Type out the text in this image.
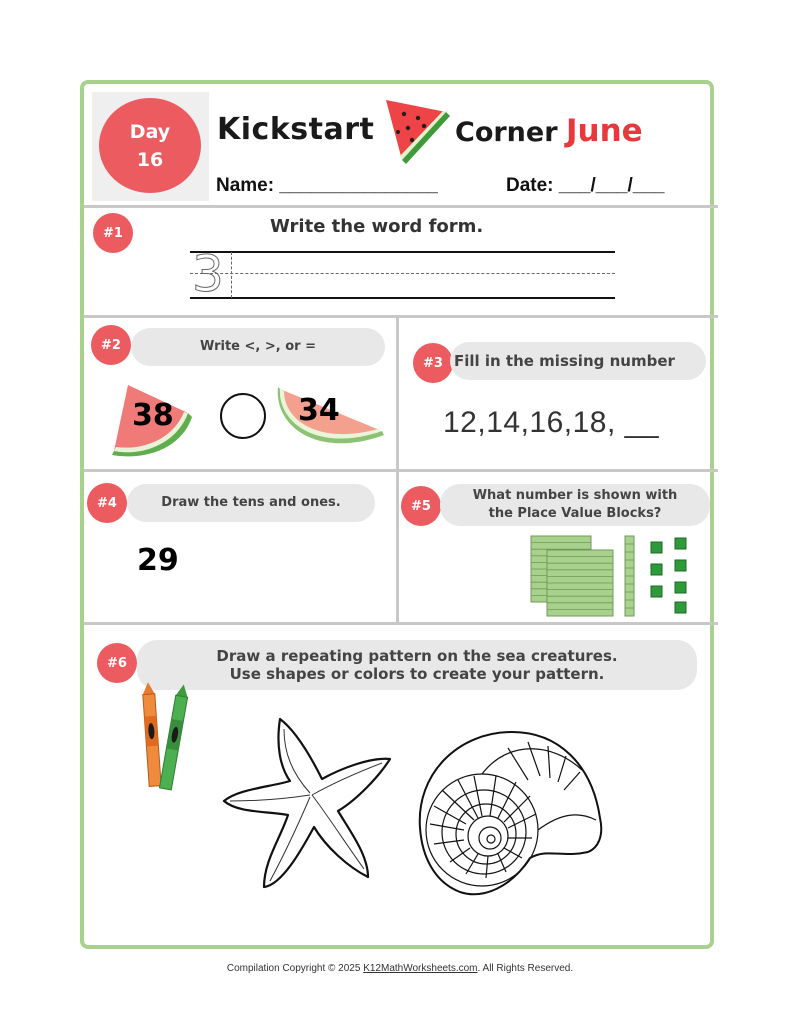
Day
16
Kickstart	Corner June
Name: _______________	Date: ___/___/___
#1	Write the word form.
3
#2	Write <, >, or =
38	34
#3 Fill in the missing number
12,14,16,18, __
#4	Draw the tens and ones.
29
#5
What number is shown with
the Place Value Blocks?
#6	Draw a repeating pattern on the sea creatures.
Use shapes or colors to create your pattern.
Compilation Copyright © 2025 K12MathWorksheets.com. All Rights Reserved.
